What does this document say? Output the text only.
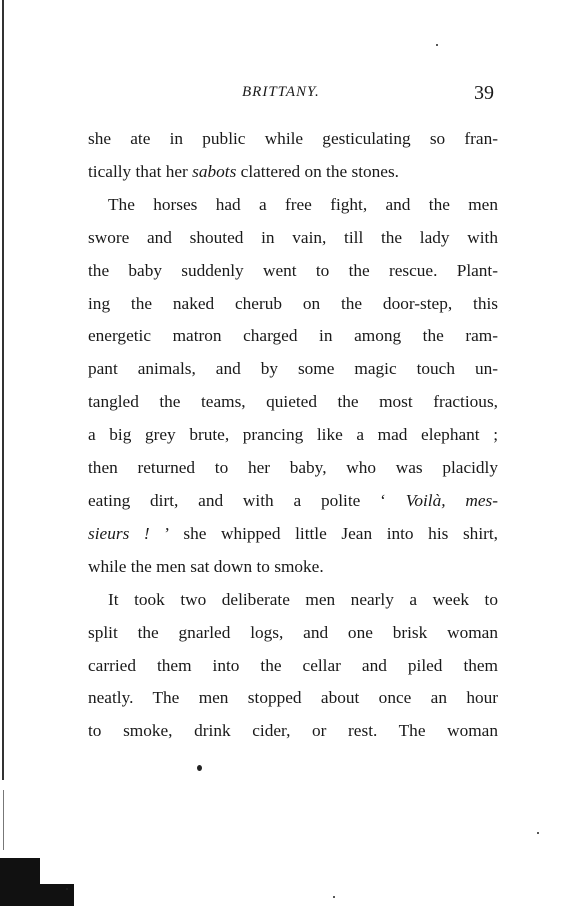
BRITTANY.	39

she ate in public while gesticulating so fran-
tically that her sabots clattered on the stones.

The horses had a free fight, and the men
swore and shouted in vain, till the lady with
the baby suddenly went to the rescue. Plant-
ing the naked cherub on the door-step, this
energetic matron charged in among the ram-
pant animals, and by some magic touch un-
tangled the teams, quieted the most fractious,
a big grey brute, prancing like a mad elephant ;
then returned to her baby, who was placidly
eating dirt, and with a polite ‘ Voilà, mes-
sieurs ! ’ she whipped little Jean into his shirt,
while the men sat down to smoke.

It took two deliberate men nearly a week to
split the gnarled logs, and one brisk woman
carried them into the cellar and piled them
neatly. The men stopped about once an hour
to smoke, drink cider, or rest. The woman
